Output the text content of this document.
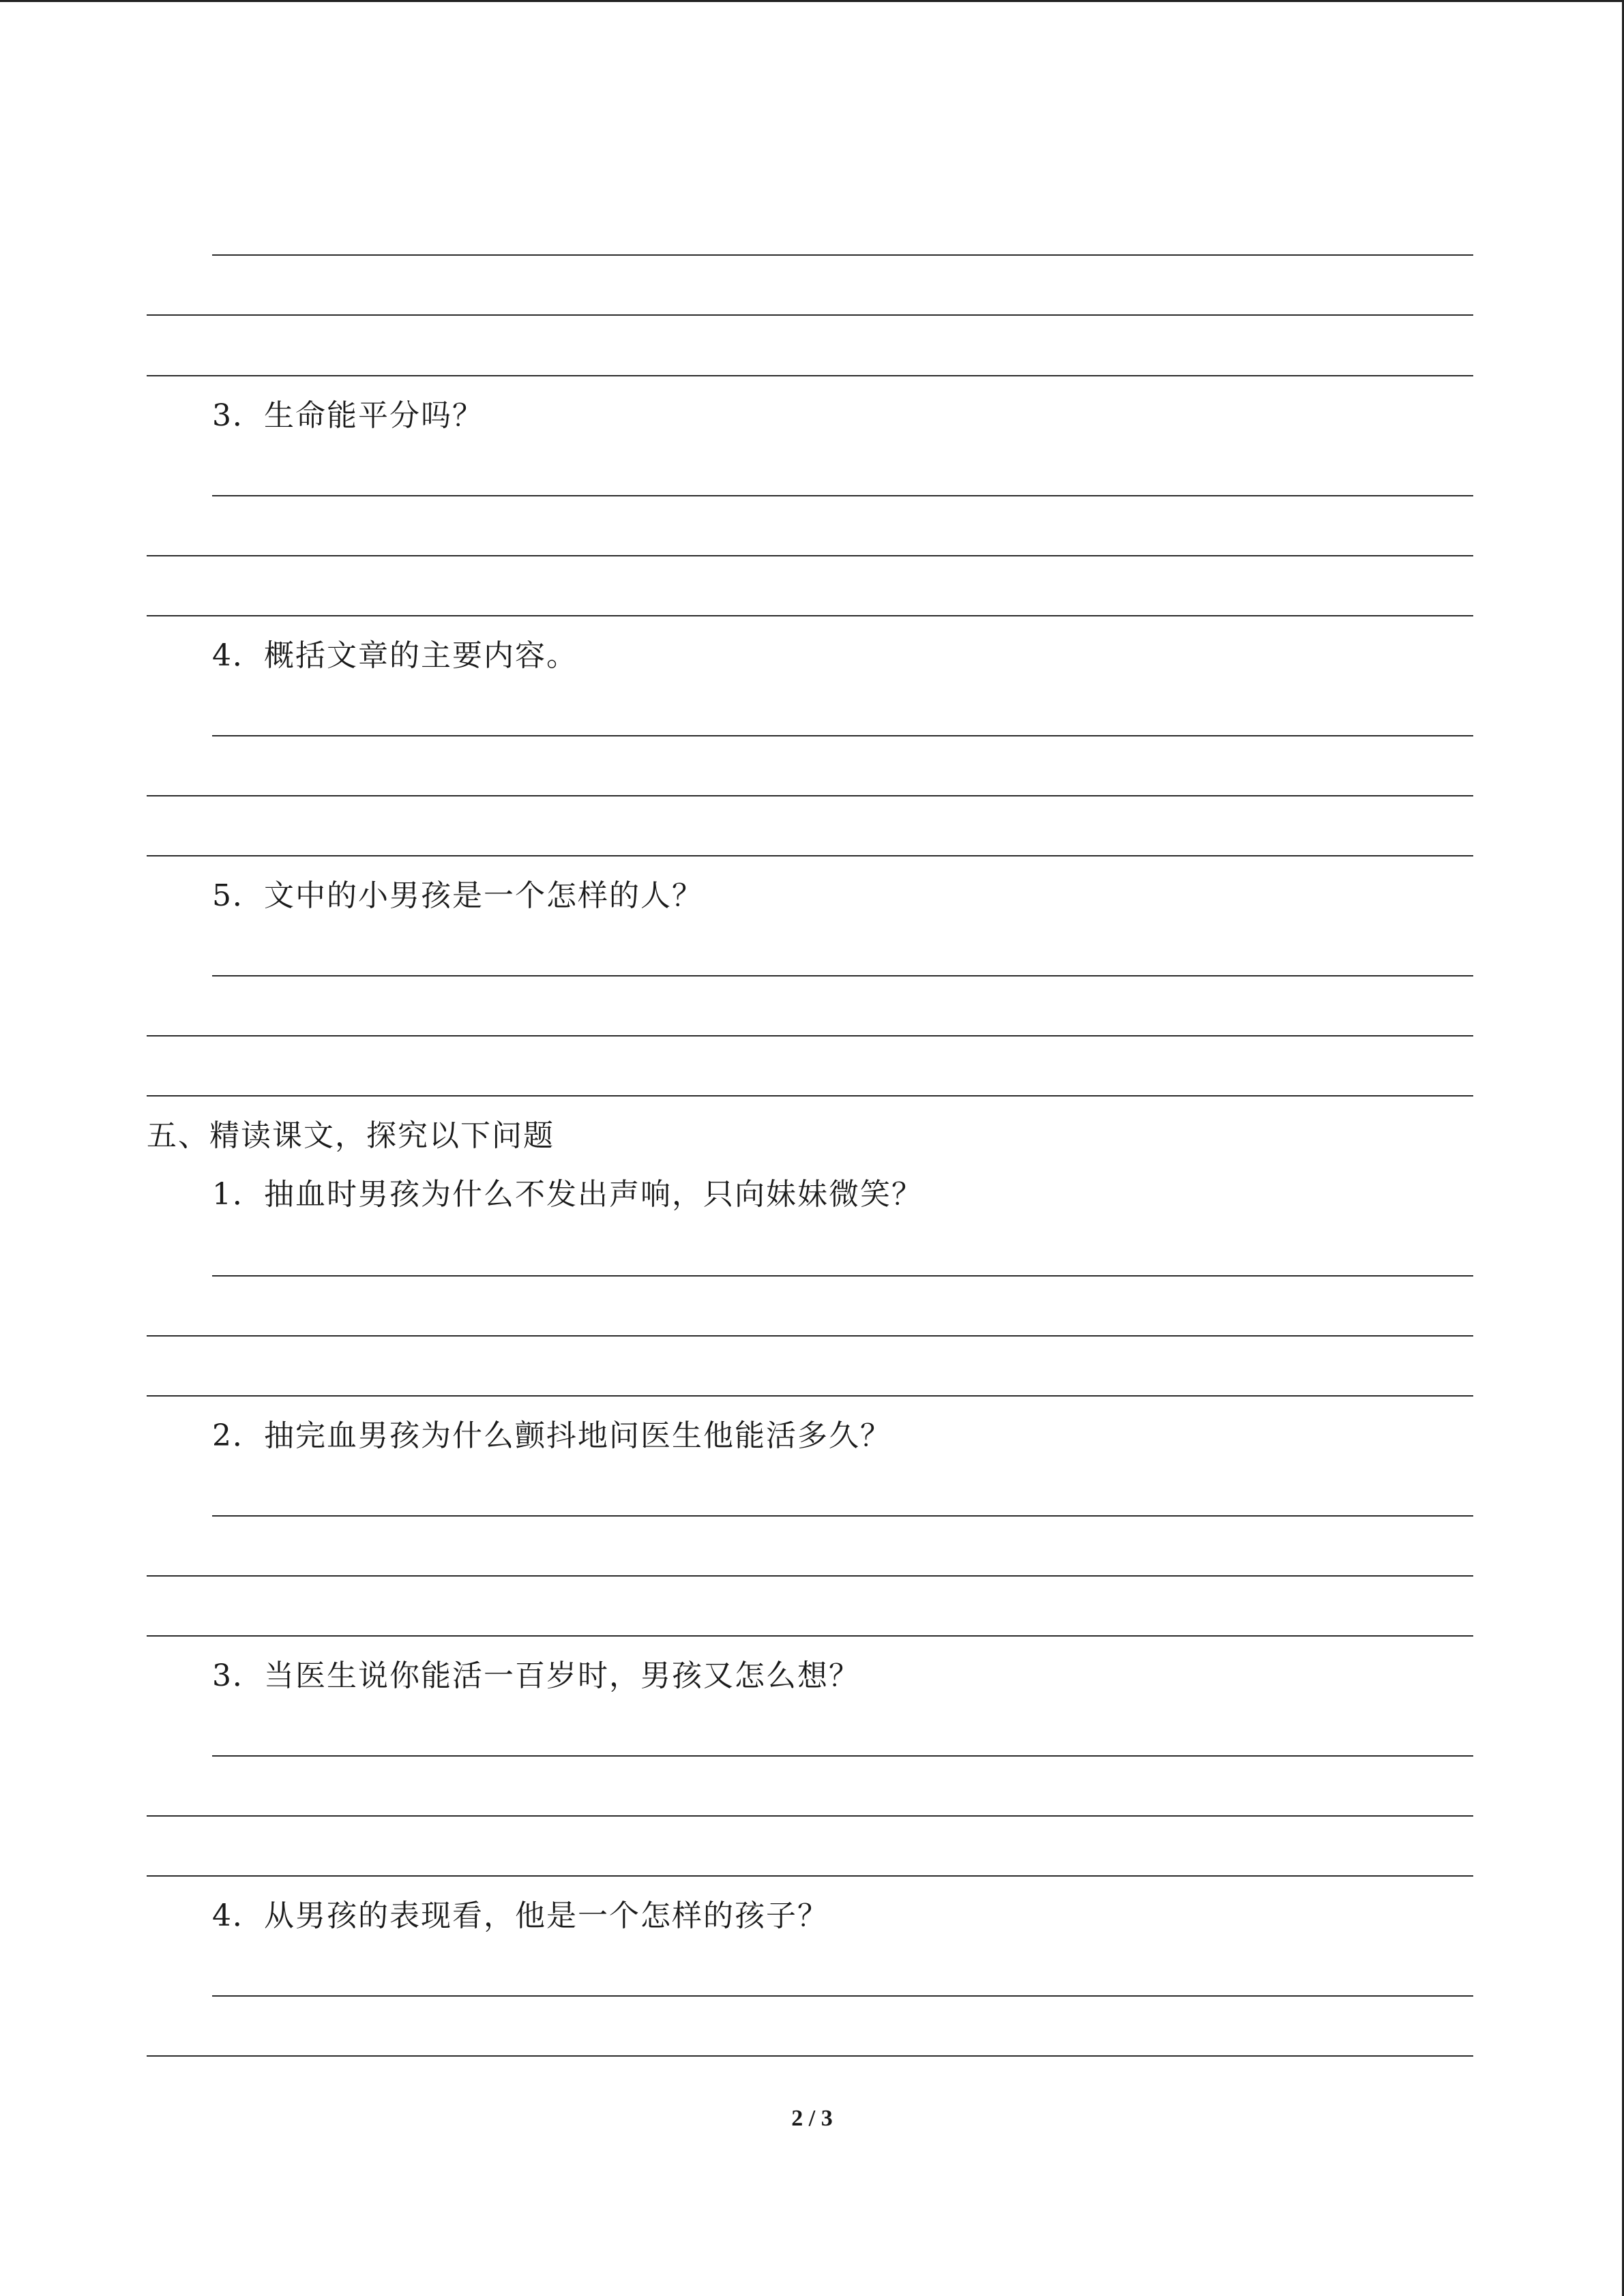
3．生命能平分吗？
4．概括文章的主要内容。
5．文中的小男孩是一个怎样的人？
五、精读课文，探究以下问题
1．抽血时男孩为什么不发出声响，只向妹妹微笑？
2．抽完血男孩为什么颤抖地问医生他能活多久？
3．当医生说你能活一百岁时，男孩又怎么想？
4．从男孩的表现看，他是一个怎样的孩子？
2 / 3
